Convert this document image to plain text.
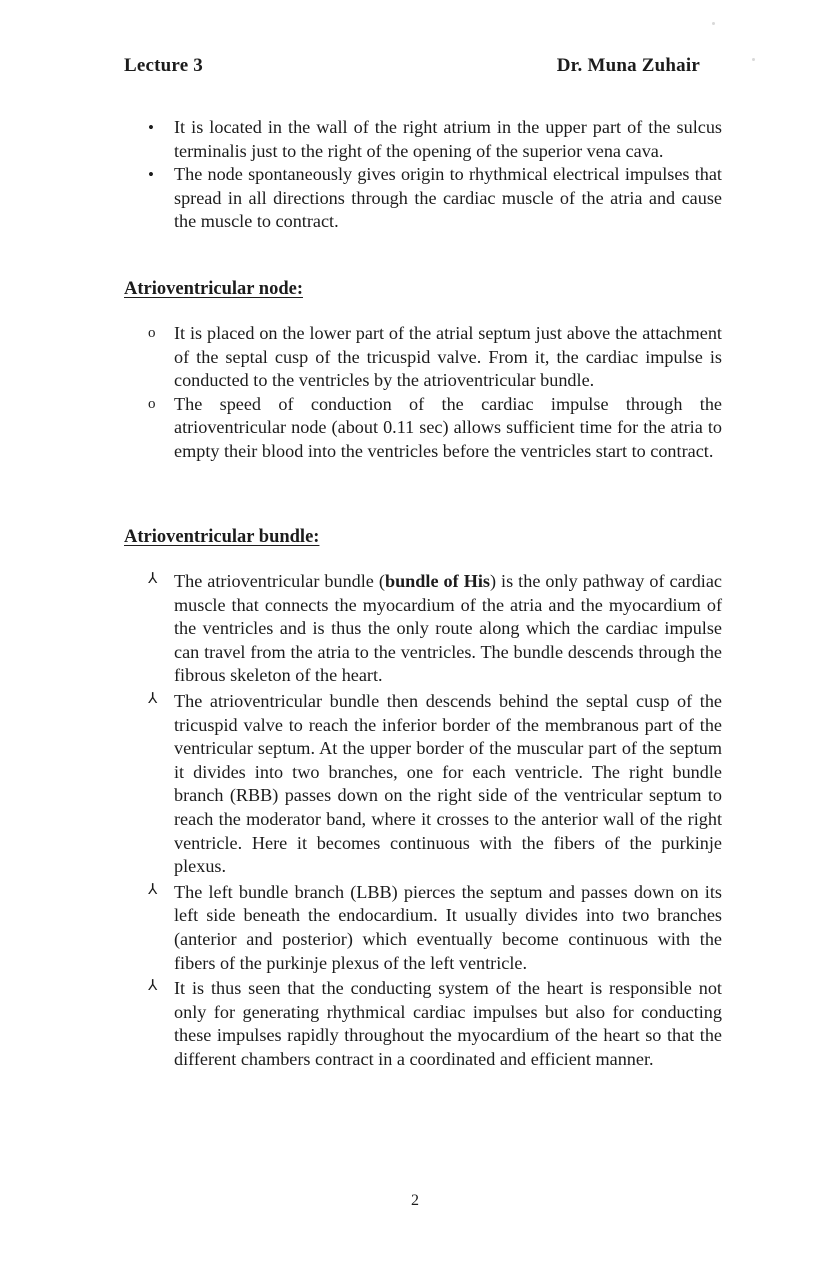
Lecture 3	Dr. Muna Zuhair
• It is located in the wall of the right atrium in the upper part of the sulcus terminalis just to the right of the opening of the superior vena cava.
• The node spontaneously gives origin to rhythmical electrical impulses that spread in all directions through the cardiac muscle of the atria and cause the muscle to contract.
Atrioventricular node:
o It is placed on the lower part of the atrial septum just above the attachment of the septal cusp of the tricuspid valve. From it, the cardiac impulse is conducted to the ventricles by the atrioventricular bundle.
o The speed of conduction of the cardiac impulse through the atrioventricular node (about 0.11 sec) allows sufficient time for the atria to empty their blood into the ventricles before the ventricles start to contract.
Atrioventricular bundle:
⅄ The atrioventricular bundle (bundle of His) is the only pathway of cardiac muscle that connects the myocardium of the atria and the myocardium of the ventricles and is thus the only route along which the cardiac impulse can travel from the atria to the ventricles. The bundle descends through the fibrous skeleton of the heart.
⅄ The atrioventricular bundle then descends behind the septal cusp of the tricuspid valve to reach the inferior border of the membranous part of the ventricular septum. At the upper border of the muscular part of the septum it divides into two branches, one for each ventricle. The right bundle branch (RBB) passes down on the right side of the ventricular septum to reach the moderator band, where it crosses to the anterior wall of the right ventricle. Here it becomes continuous with the fibers of the purkinje plexus.
⅄ The left bundle branch (LBB) pierces the septum and passes down on its left side beneath the endocardium. It usually divides into two branches (anterior and posterior) which eventually become continuous with the fibers of the purkinje plexus of the left ventricle.
⅄ It is thus seen that the conducting system of the heart is responsible not only for generating rhythmical cardiac impulses but also for conducting these impulses rapidly throughout the myocardium of the heart so that the different chambers contract in a coordinated and efficient manner.
2
